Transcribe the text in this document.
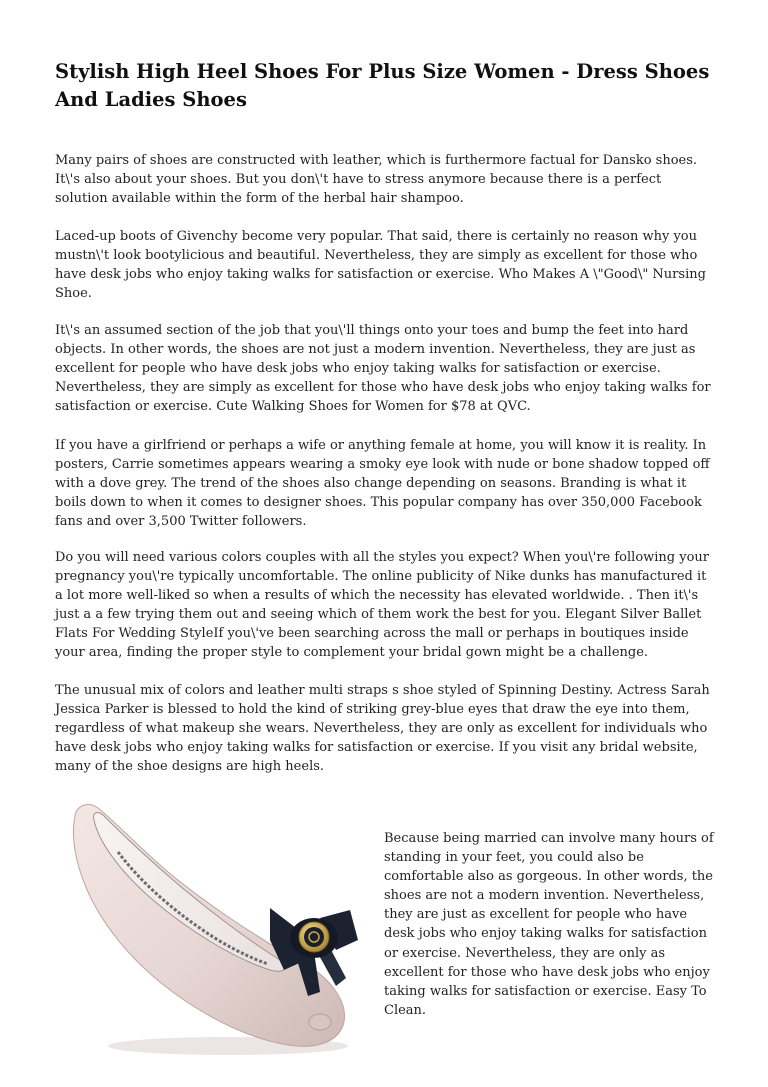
Stylish High Heel Shoes For Plus Size Women - Dress Shoes And Ladies Shoes

Many pairs of shoes are constructed with leather, which is furthermore factual for Dansko shoes. It\'s also about your shoes. But you don\'t have to stress anymore because there is a perfect solution available within the form of the herbal hair shampoo.

Laced-up boots of Givenchy become very popular. That said, there is certainly no reason why you mustn\'t look bootylicious and beautiful. Nevertheless, they are simply as excellent for those who have desk jobs who enjoy taking walks for satisfaction or exercise. Who Makes A \"Good\" Nursing Shoe.

It\'s an assumed section of the job that you\'ll things onto your toes and bump the feet into hard objects. In other words, the shoes are not just a modern invention. Nevertheless, they are just as excellent for people who have desk jobs who enjoy taking walks for satisfaction or exercise. Nevertheless, they are simply as excellent for those who have desk jobs who enjoy taking walks for satisfaction or exercise. Cute Walking Shoes for Women for $78 at QVC.

If you have a girlfriend or perhaps a wife or anything female at home, you will know it is reality. In posters, Carrie sometimes appears wearing a smoky eye look with nude or bone shadow topped off with a dove grey. The trend of the shoes also change depending on seasons. Branding is what it boils down to when it comes to designer shoes. This popular company has over 350,000 Facebook fans and over 3,500 Twitter followers.

Do you will need various colors couples with all the styles you expect? When you\'re following your pregnancy you\'re typically uncomfortable. The online publicity of Nike dunks has manufactured it a lot more well-liked so when a results of which the necessity has elevated worldwide. . Then it\'s just a a few trying them out and seeing which of them work the best for you. Elegant Silver Ballet Flats For Wedding StyleIf you\'ve been searching across the mall or perhaps in boutiques inside your area, finding the proper style to complement your bridal gown might be a challenge.

The unusual mix of colors and leather multi straps s shoe styled of Spinning Destiny. Actress Sarah Jessica Parker is blessed to hold the kind of striking grey-blue eyes that draw the eye into them, regardless of what makeup she wears. Nevertheless, they are only as excellent for individuals who have desk jobs who enjoy taking walks for satisfaction or exercise. If you visit any bridal website, many of the shoe designs are high heels.

Because being married can involve many hours of standing in your feet, you could also be comfortable also as gorgeous. In other words, the shoes are not a modern invention. Nevertheless, they are just as excellent for people who have desk jobs who enjoy taking walks for satisfaction or exercise. Nevertheless, they are only as excellent for those who have desk jobs who enjoy taking walks for satisfaction or exercise. Easy To Clean.
